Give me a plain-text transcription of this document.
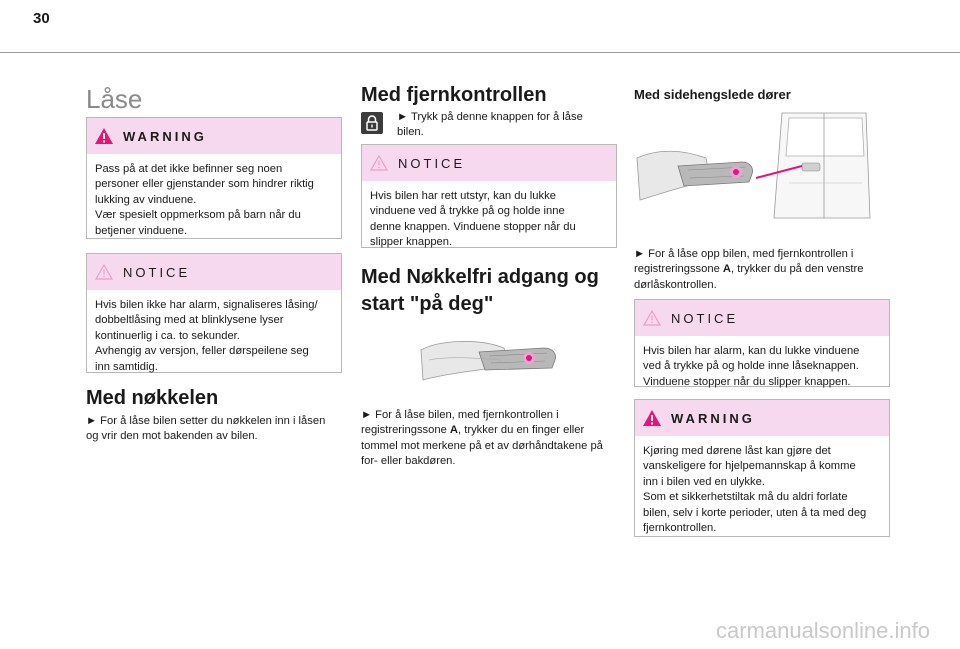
30
Låse
WARNING

Pass på at det ikke befinner seg noen

personer eller gjenstander som hindrer riktig

lukking av vinduene.

Vær spesielt oppmerksom på barn når du

betjener vinduene.

NOTICE

Hvis bilen ikke har alarm, signaliseres låsing/

dobbeltlåsing med at blinklysene lyser

kontinuerlig i ca. to sekunder.

Avhengig av versjon, feller dørspeilene seg

inn samtidig.

Med nøkkelen

► For å låse bilen setter du nøkkelen inn i låsen

og vrir den mot bakenden av bilen.

Med fjernkontrollen

► Trykk på denne knappen for å låse

bilen.

NOTICE

Hvis bilen har rett utstyr, kan du lukke

vinduene ved å trykke på og holde inne

denne knappen. Vinduene stopper når du

slipper knappen.

Med Nøkkelfri adgang og
start "på deg"

► For å låse bilen, med fjernkontrollen i

registreringssone A, trykker du en finger eller

tommel mot merkene på et av dørhåndtakene på

for- eller bakdøren.

Med sidehengslede dører

► For å låse opp bilen, med fjernkontrollen i

registreringssone A, trykker du på den venstre

dørlåskontrollen.

NOTICE

Hvis bilen har alarm, kan du lukke vinduene

ved å trykke på og holde inne låseknappen.

Vinduene stopper når du slipper knappen.

WARNING

Kjøring med dørene låst kan gjøre det

vanskeligere for hjelpemannskap å komme

inn i bilen ved en ulykke.

Som et sikkerhetstiltak må du aldri forlate

bilen, selv i korte perioder, uten å ta med deg

fjernkontrollen.

carmanualsonline.info
